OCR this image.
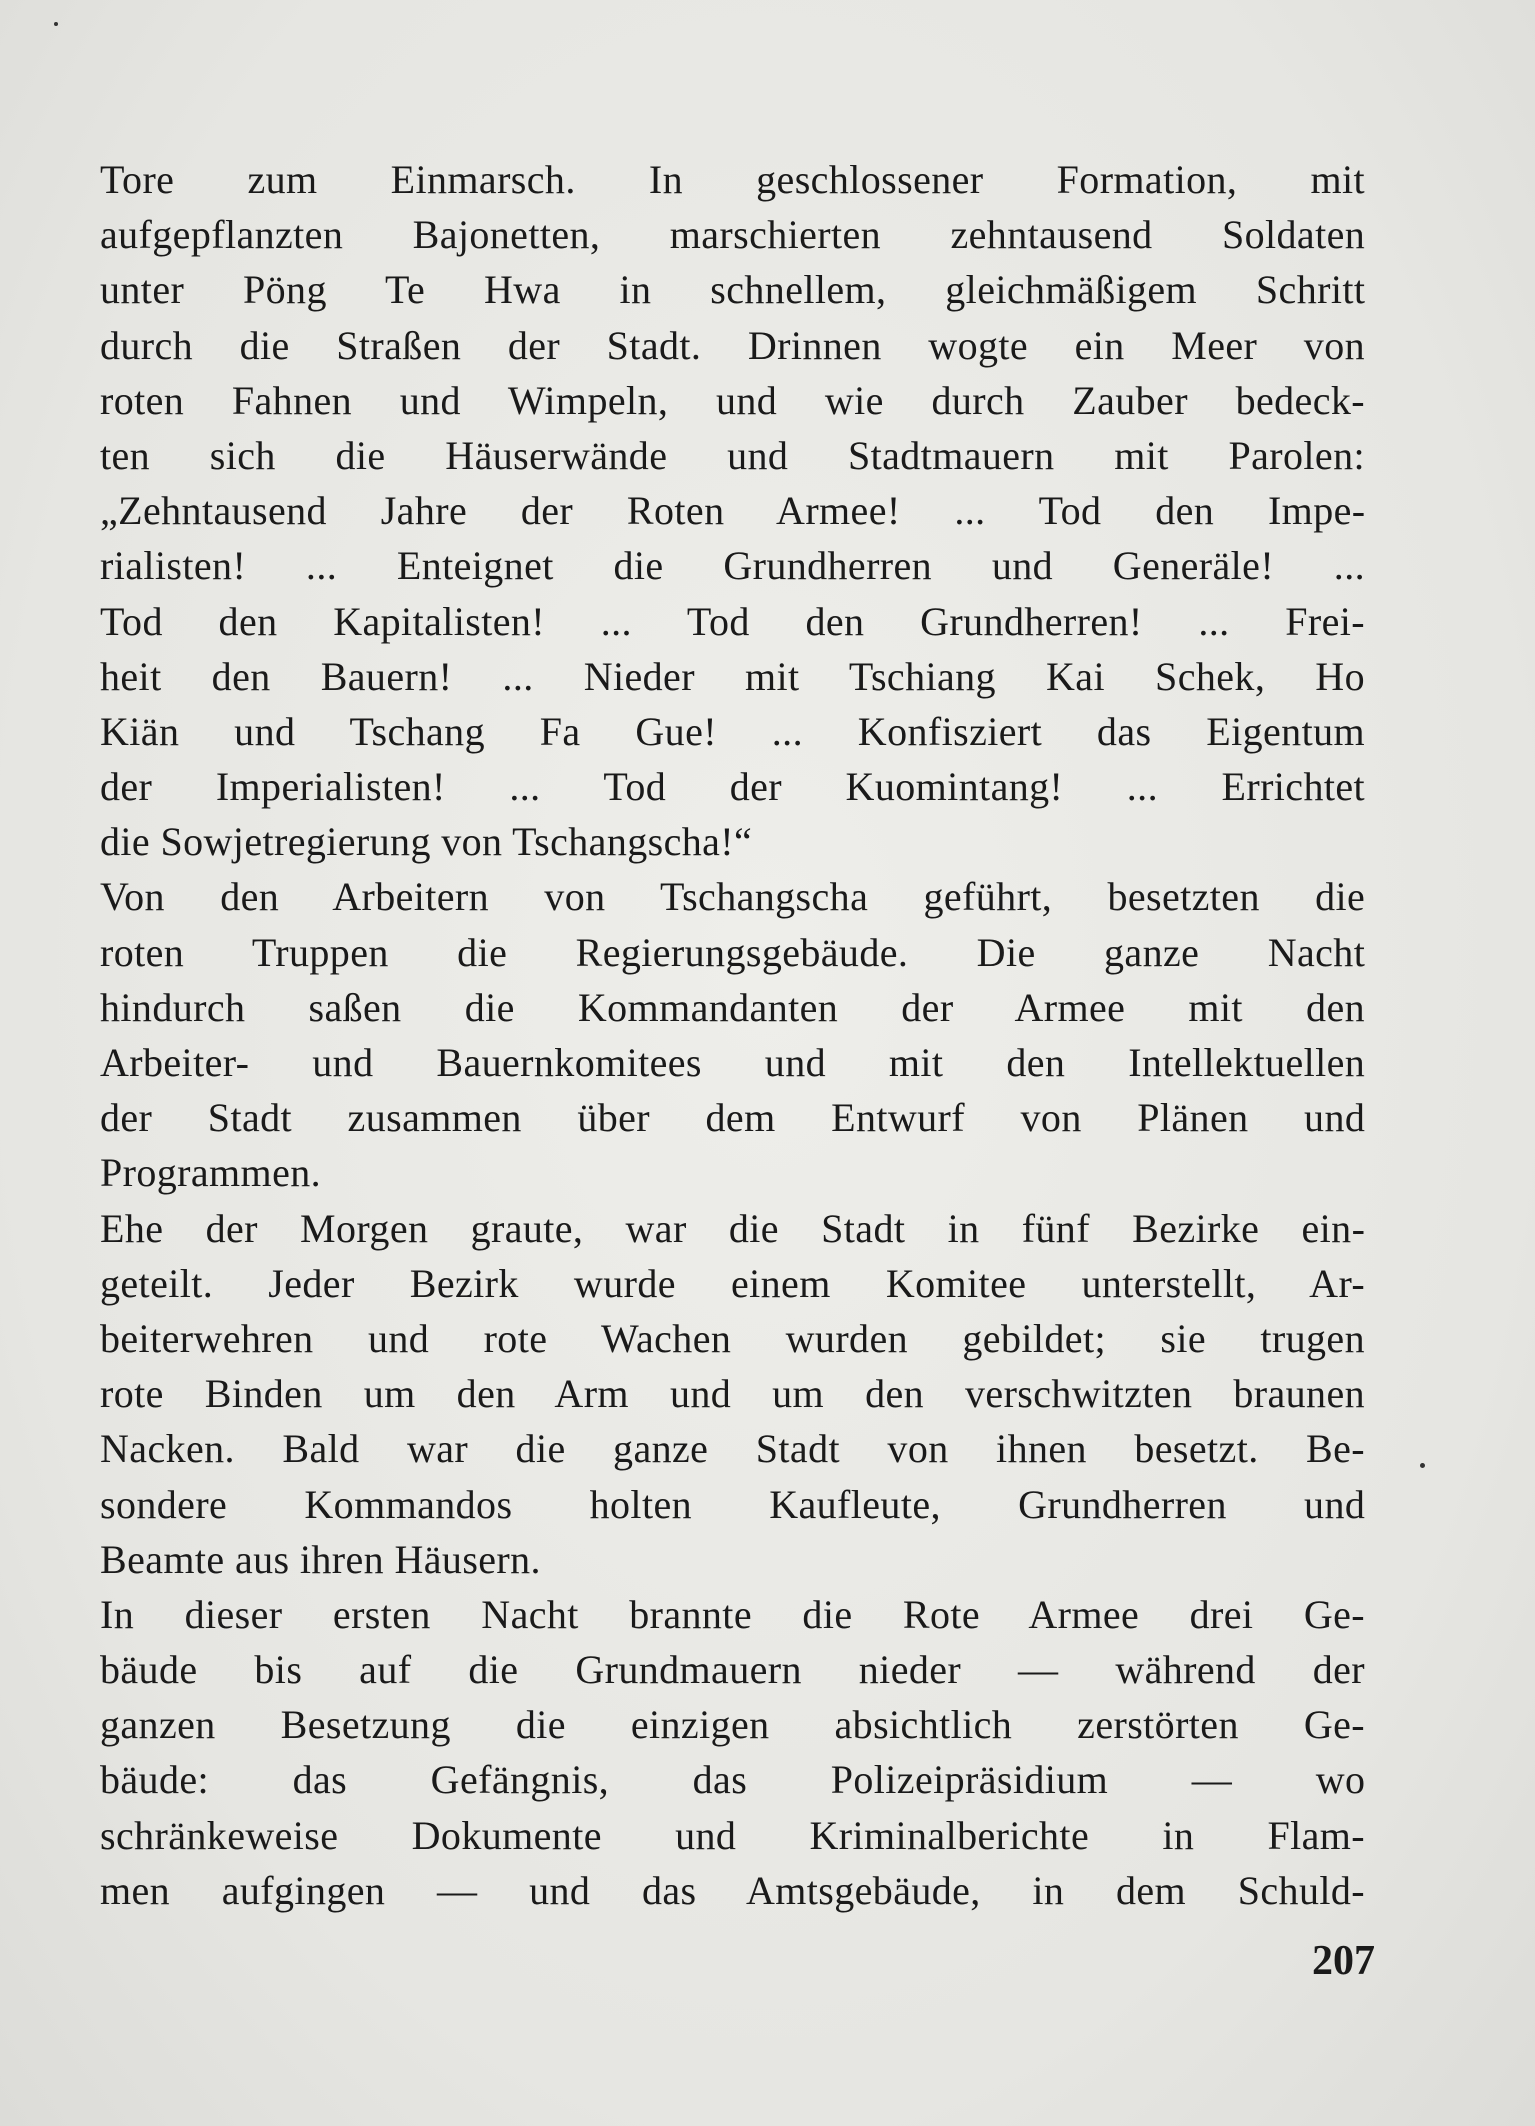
Tore zum Einmarsch. In geschlossener Formation, mit
aufgepflanzten Bajonetten, marschierten zehntausend Soldaten
unter Pöng Te Hwa in schnellem, gleichmäßigem Schritt
durch die Straßen der Stadt. Drinnen wogte ein Meer von
roten Fahnen und Wimpeln, und wie durch Zauber bedeck-
ten sich die Häuserwände und Stadtmauern mit Parolen:
„Zehntausend Jahre der Roten Armee! ... Tod den Impe-
rialisten! ... Enteignet die Grundherren und Generäle! ...
Tod den Kapitalisten! ... Tod den Grundherren! ... Frei-
heit den Bauern! ... Nieder mit Tschiang Kai Schek, Ho
Kiän und Tschang Fa Gue! ... Konfisziert das Eigentum
der Imperialisten! ... Tod der Kuomintang! ... Errichtet
die Sowjetregierung von Tschangscha!“
Von den Arbeitern von Tschangscha geführt, besetzten die
roten Truppen die Regierungsgebäude. Die ganze Nacht
hindurch saßen die Kommandanten der Armee mit den
Arbeiter- und Bauernkomitees und mit den Intellektuellen
der Stadt zusammen über dem Entwurf von Plänen und
Programmen.
Ehe der Morgen graute, war die Stadt in fünf Bezirke ein-
geteilt. Jeder Bezirk wurde einem Komitee unterstellt, Ar-
beiterwehren und rote Wachen wurden gebildet; sie trugen
rote Binden um den Arm und um den verschwitzten braunen
Nacken. Bald war die ganze Stadt von ihnen besetzt. Be-
sondere Kommandos holten Kaufleute, Grundherren und
Beamte aus ihren Häusern.
In dieser ersten Nacht brannte die Rote Armee drei Ge-
bäude bis auf die Grundmauern nieder — während der
ganzen Besetzung die einzigen absichtlich zerstörten Ge-
bäude: das Gefängnis, das Polizeipräsidium — wo
schränkeweise Dokumente und Kriminalberichte in Flam-
men aufgingen — und das Amtsgebäude, in dem Schuld-
207
